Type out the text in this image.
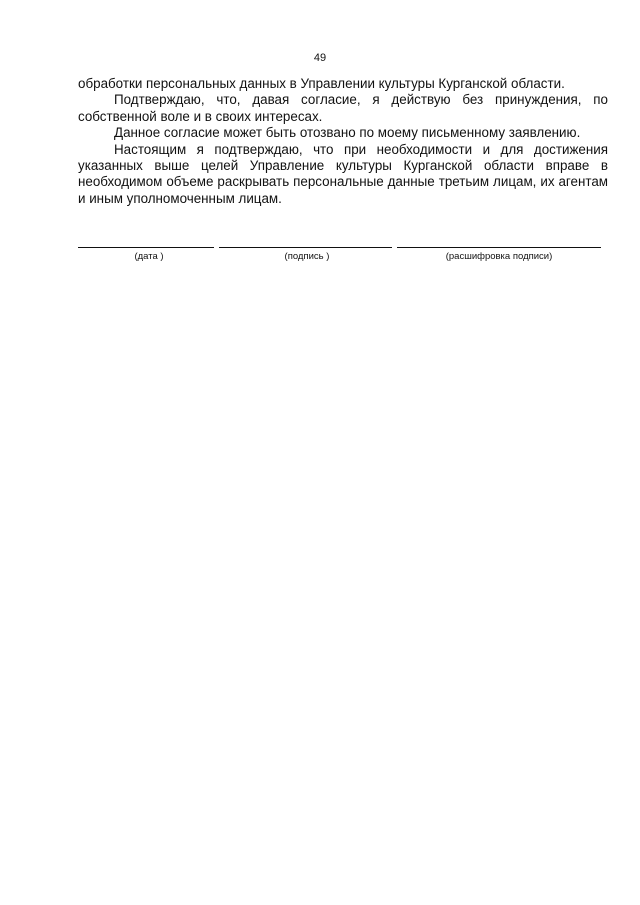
49

обработки персональных данных в Управлении культуры Курганской области.

Подтверждаю, что, давая согласие, я действую без принуждения, по собственной воле и в своих интересах.

Данное согласие может быть отозвано по моему письменному заявлению.

Настоящим я подтверждаю, что при необходимости и для достижения указанных выше целей Управление культуры Курганской области вправе в необходимом объеме раскрывать персональные данные третьим лицам, их агентам и иным уполномоченным лицам.

(дата )	(подпись )	(расшифровка подписи)
